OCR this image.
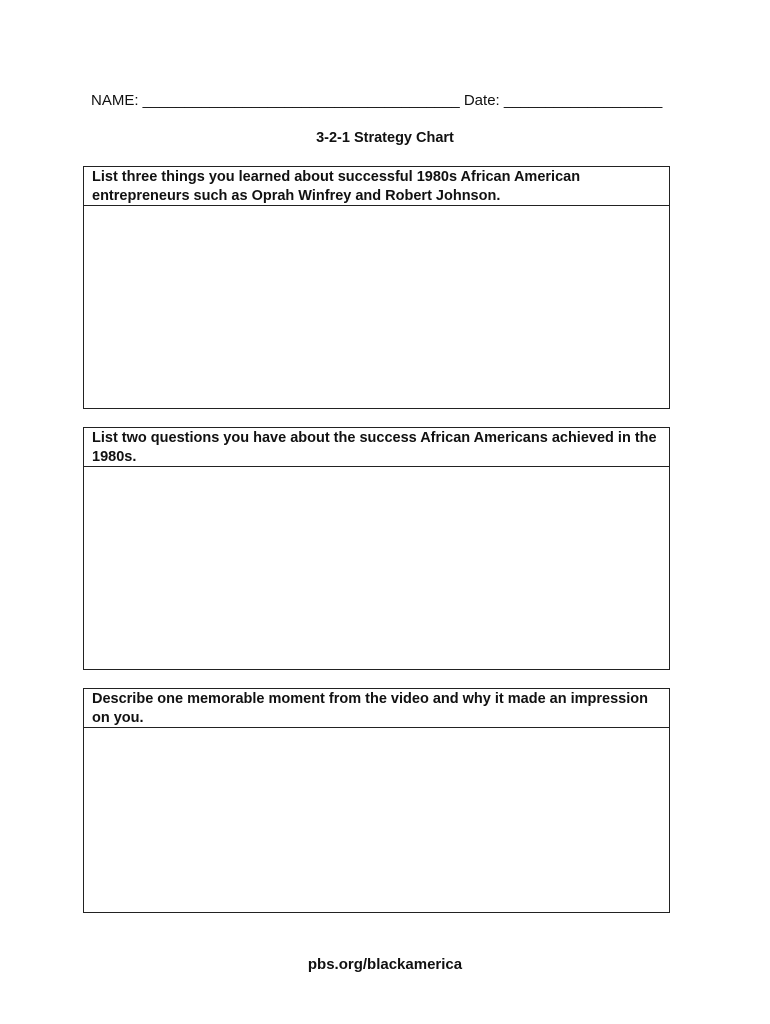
NAME: ______________________________________ Date: ___________________
3-2-1 Strategy Chart
List three things you learned about successful 1980s African American entrepreneurs such as Oprah Winfrey and Robert Johnson.
List two questions you have about the success African Americans achieved in the 1980s.
Describe one memorable moment from the video and why it made an impression on you.
pbs.org/blackamerica
